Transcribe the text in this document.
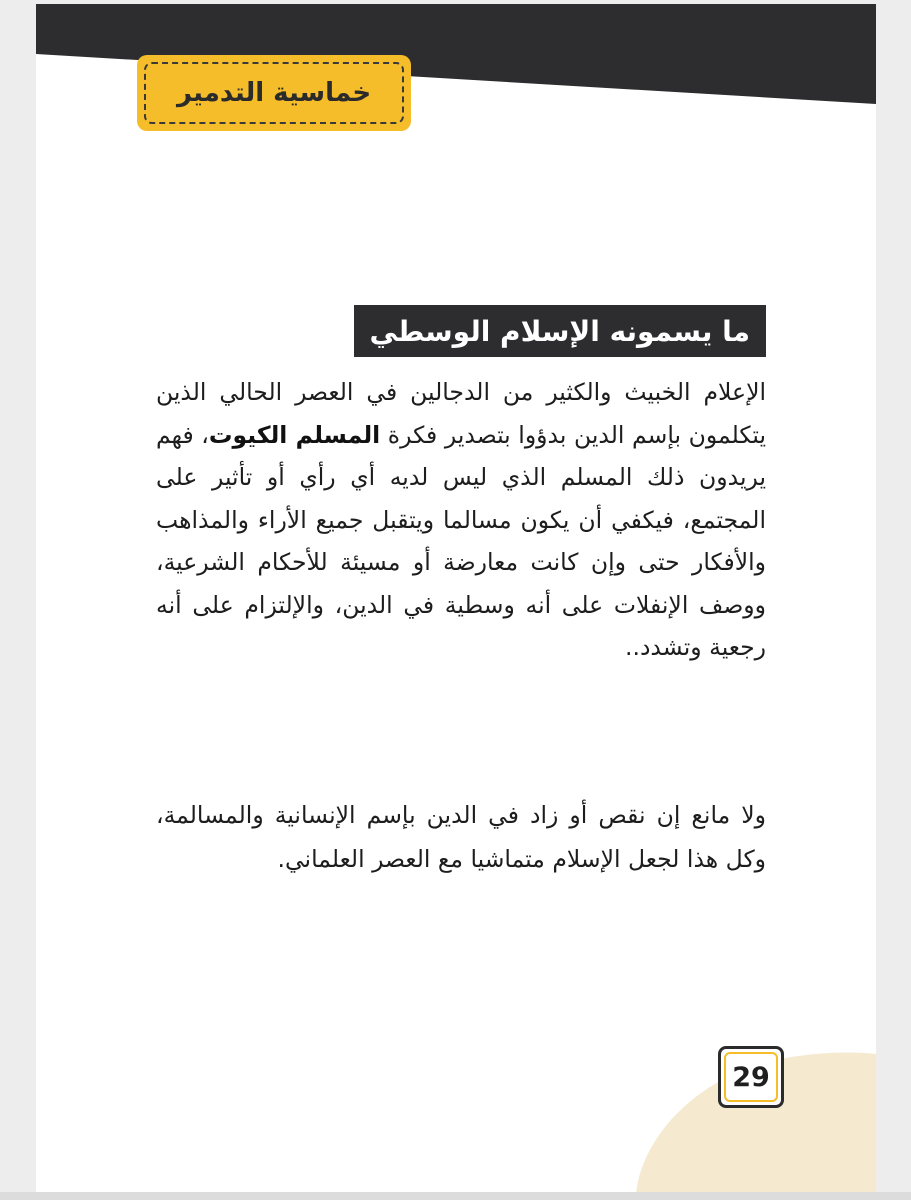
خماسية التدمير
ما يسمونه الإسلام الوسطي

الإعلام الخبيث والكثير من الدجالين في العصر الحالي الذين يتكلمون بإسم الدين بدؤوا بتصدير فكرة المسلم الكيوت، فهم يريدون ذلك المسلم الذي ليس لديه أي رأي أو تأثير على المجتمع، فيكفي أن يكون مسالما ويتقبل جميع الأراء والمذاهب والأفكار حتى وإن كانت معارضة أو مسيئة للأحكام الشرعية، ووصف الإنفلات على أنه وسطية في الدين، والإلتزام على أنه رجعية وتشدد..

ولا مانع إن نقص أو زاد في الدين بإسم الإنسانية والمسالمة، وكل هذا لجعل الإسلام متماشيا مع العصر العلماني.

29
